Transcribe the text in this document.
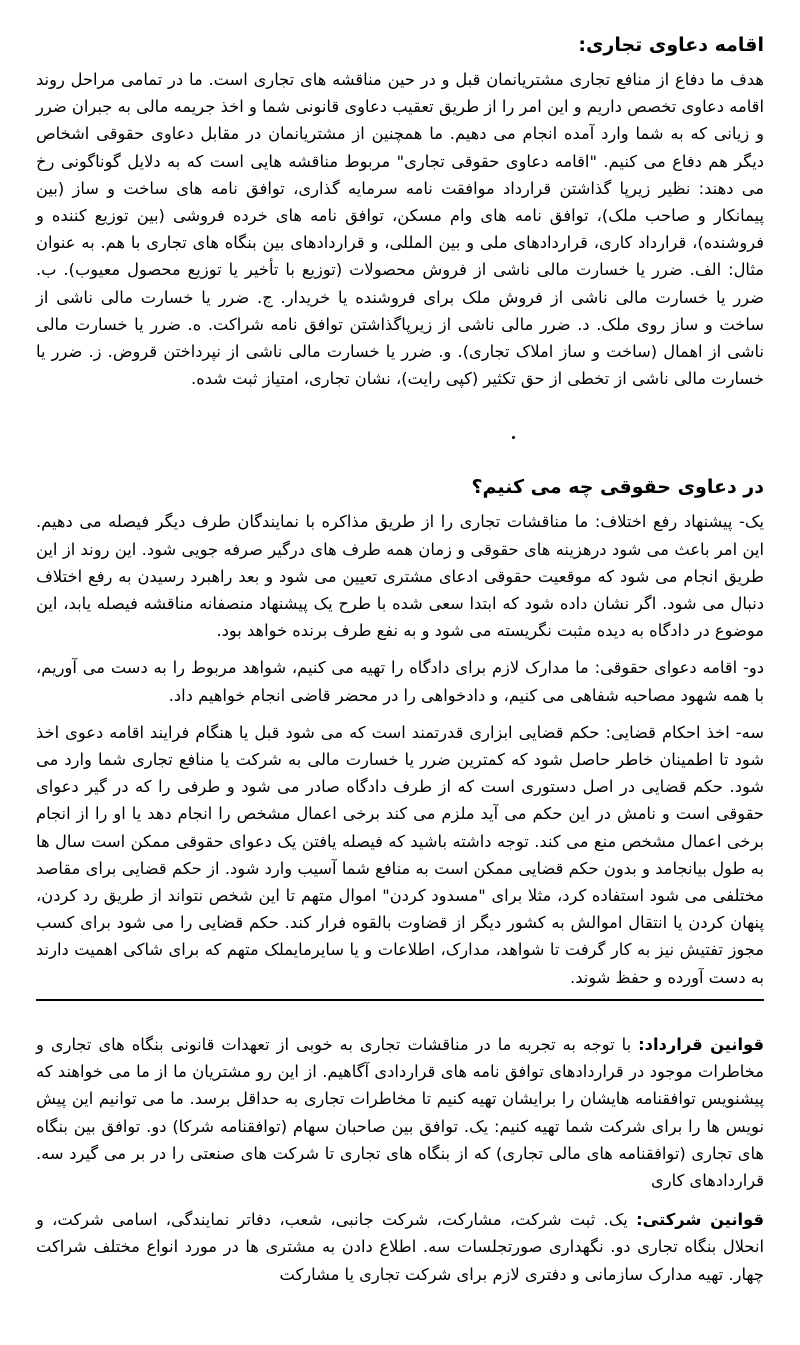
اقامه دعاوی تجاری:

هدف ما دفاع از منافع تجاری مشتریانمان قبل و در حین مناقشه های تجاری است. ما در تمامی مراحل روند اقامه دعاوی تخصص داریم و این امر را از طریق تعقیب دعاوی قانونی شما و اخذ جریمه مالی به جبران ضرر و زیانی که به شما وارد آمده انجام می دهیم. ما همچنین از مشتریانمان در مقابل دعاوی حقوقی اشخاص دیگر هم دفاع می کنیم. "اقامه دعاوی حقوقی تجاری" مربوط مناقشه هایی است که به دلایل گوناگونی رخ می دهند: نظیر زیرپا گذاشتن قرارداد موافقت نامه سرمایه گذاری، توافق نامه های ساخت و ساز (بین پیمانکار و صاحب ملک)، توافق نامه های وام مسکن، توافق نامه های خرده فروشی (بین توزیع کننده و فروشنده)، قرارداد کاری، قراردادهای ملی و بین المللی، و قراردادهای بین بنگاه های تجاری با هم. به عنوان مثال: الف. ضرر یا خسارت مالی ناشی از فروش محصولات (توزیع با تأخیر یا توزیع محصول معیوب). ب. ضرر یا خسارت مالی ناشی از فروش ملک برای فروشنده یا خریدار. ج. ضرر یا خسارت مالی ناشی از ساخت و ساز روی ملک. د. ضرر مالی ناشی از زیرپاگذاشتن توافق نامه شراکت. ه. ضرر یا خسارت مالی ناشی از اهمال (ساخت و ساز املاک تجاری). و. ضرر یا خسارت مالی ناشی از نپرداختن قروض. ز. ضرر یا خسارت مالی ناشی از تخطی از حق تکثیر (کپی رایت)، نشان تجاری، امتیاز ثبت شده.

در دعاوی حقوقی چه می کنیم؟

یک- پیشنهاد رفع اختلاف: ما مناقشات تجاری را از طریق مذاکره با نمایندگان طرف دیگر فیصله می دهیم. این امر باعث می شود درهزینه های حقوقی و زمان همه طرف های درگیر صرفه جویی شود. این روند از این طریق انجام می شود که موقعیت حقوقی ادعای مشتری تعیین می شود و بعد راهبرد رسیدن به رفع اختلاف دنبال می شود. اگر نشان داده شود که ابتدا سعی شده با طرح یک پیشنهاد منصفانه مناقشه فیصله یابد، این موضوع در دادگاه به دیده مثبت نگریسته می شود و به نفع طرف برنده خواهد بود.

دو- اقامه دعوای حقوقی: ما مدارک لازم برای دادگاه را تهیه می کنیم، شواهد مربوط را به دست می آوریم، با همه شهود مصاحبه شفاهی می کنیم، و دادخواهی را در محضر قاضی انجام خواهیم داد.

سه- اخذ احکام قضایی: حکم قضایی ابزاری قدرتمند است که می شود قبل یا هنگام فرایند اقامه دعوی اخذ شود تا اطمینان خاطر حاصل شود که کمترین ضرر یا خسارت مالی به شرکت یا منافع تجاری شما وارد می شود. حکم قضایی در اصل دستوری است که از طرف دادگاه صادر می شود و طرفی را که در گیر دعوای حقوقی است و نامش در این حکم می آید ملزم می کند برخی اعمال مشخص را انجام دهد یا او را از انجام برخی اعمال مشخص منع می کند. توجه داشته باشید که فیصله یافتن یک دعوای حقوقی ممکن است سال ها به طول بیانجامد و بدون حکم قضایی ممکن است به منافع شما آسیب وارد شود. از حکم قضایی برای مقاصد مختلفی می شود استفاده کرد، مثلا برای "مسدود کردن" اموال متهم تا این شخص نتواند از طریق رد کردن، پنهان کردن یا انتقال اموالش به کشور دیگر از قضاوت بالقوه فرار کند. حکم قضایی را می شود برای کسب مجوز تفتیش نیز به کار گرفت تا شواهد، مدارک، اطلاعات و یا سایرمایملک متهم که برای شاکی اهمیت دارند به دست آورده و حفظ شوند.

قوانین قرارداد: با توجه به تجربه ما در مناقشات تجاری به خوبی از تعهدات قانونی بنگاه های تجاری و مخاطرات موجود در قراردادهای توافق نامه های قراردادی آگاهیم. از این رو مشتریان ما از ما می خواهند که پیشنویس توافقنامه هایشان را برایشان تهیه کنیم تا مخاطرات تجاری به حداقل برسد. ما می توانیم این پیش نویس ها را برای شرکت شما تهیه کنیم: یک. توافق بین صاحبان سهام (توافقنامه شرکا) دو. توافق بین بنگاه های تجاری (توافقنامه های مالی تجاری) که از بنگاه های تجاری تا شرکت های صنعتی را در بر می گیرد سه. قراردادهای کاری

قوانین شرکتی: یک. ثبت شرکت، مشارکت، شرکت جانبی، شعب، دفاتر نمایندگی، اسامی شرکت، و انحلال بنگاه تجاری دو. نگهداری صورتجلسات سه. اطلاع دادن به مشتری ها در مورد انواع مختلف شراکت چهار. تهیه مدارک سازمانی و دفتری لازم برای شرکت تجاری یا مشارکت
